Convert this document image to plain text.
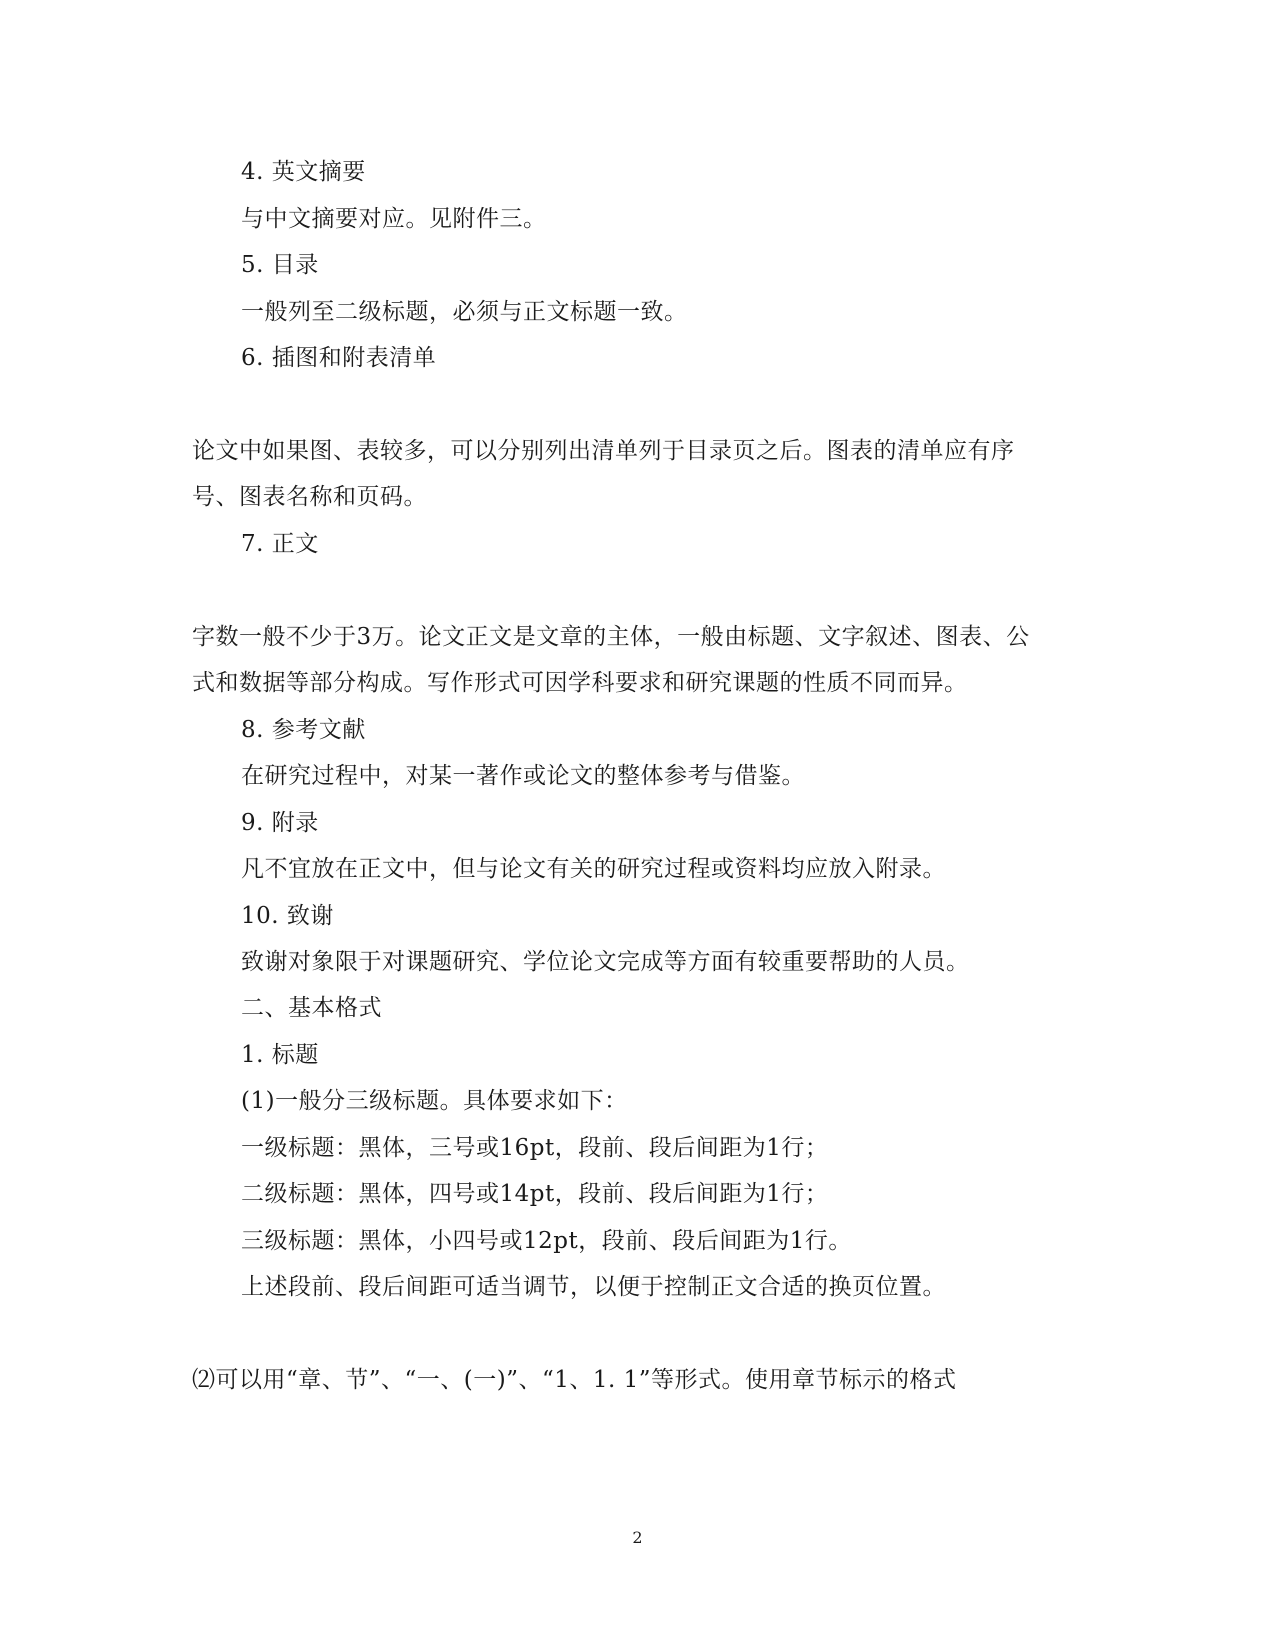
4. 英文摘要
与中文摘要对应。见附件三。
5. 目录
一般列至二级标题，必须与正文标题一致。
6. 插图和附表清单
论文中如果图、表较多，可以分别列出清单列于目录页之后。图表的清单应有序
号、图表名称和页码。
7. 正文
字数一般不少于3万。论文正文是文章的主体，一般由标题、文字叙述、图表、公
式和数据等部分构成。写作形式可因学科要求和研究课题的性质不同而异。
8. 参考文献
在研究过程中，对某一著作或论文的整体参考与借鉴。
9. 附录
凡不宜放在正文中，但与论文有关的研究过程或资料均应放入附录。
10. 致谢
致谢对象限于对课题研究、学位论文完成等方面有较重要帮助的人员。
二、基本格式
1. 标题
(1)一般分三级标题。具体要求如下：
一级标题：黑体，三号或16pt，段前、段后间距为1行；
二级标题：黑体，四号或14pt，段前、段后间距为1行；
三级标题：黑体，小四号或12pt，段前、段后间距为1行。
上述段前、段后间距可适当调节，以便于控制正文合适的换页位置。
⑵可以用“章、节”、“一、(一)”、“1、1. 1”等形式。使用章节标示的格式
2
